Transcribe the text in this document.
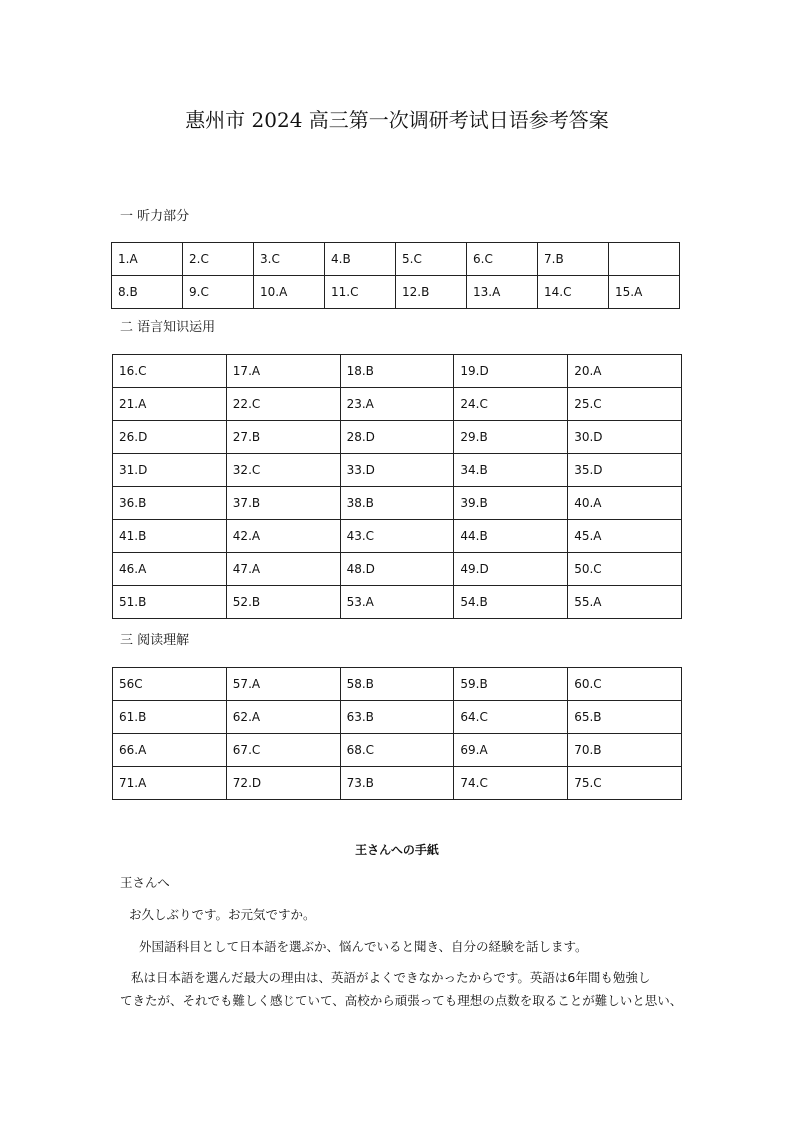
惠州市 2024 高三第一次调研考试日语参考答案
一 听力部分
1.A	2.C	3.C	4.B	5.C	6.C	7.B	
8.B	9.C	10.A	11.C	12.B	13.A	14.C	15.A
二 语言知识运用
16.C	17.A	18.B	19.D	20.A
21.A	22.C	23.A	24.C	25.C
26.D	27.B	28.D	29.B	30.D
31.D	32.C	33.D	34.B	35.D
36.B	37.B	38.B	39.B	40.A
41.B	42.A	43.C	44.B	45.A
46.A	47.A	48.D	49.D	50.C
51.B	52.B	53.A	54.B	55.A
三 阅读理解
56C	57.A	58.B	59.B	60.C
61.B	62.A	63.B	64.C	65.B
66.A	67.C	68.C	69.A	70.B
71.A	72.D	73.B	74.C	75.C
王さんへの手紙
王さんへ
お久しぶりです。お元気ですか。
外国語科目として日本語を選ぶか、悩んでいると聞き、自分の経験を話します。
私は日本語を選んだ最大の理由は、英語がよくできなかったからです。英語は6年間も勉強し
てきたが、それでも難しく感じていて、高校から頑張っても理想の点数を取ることが難しいと思い、
